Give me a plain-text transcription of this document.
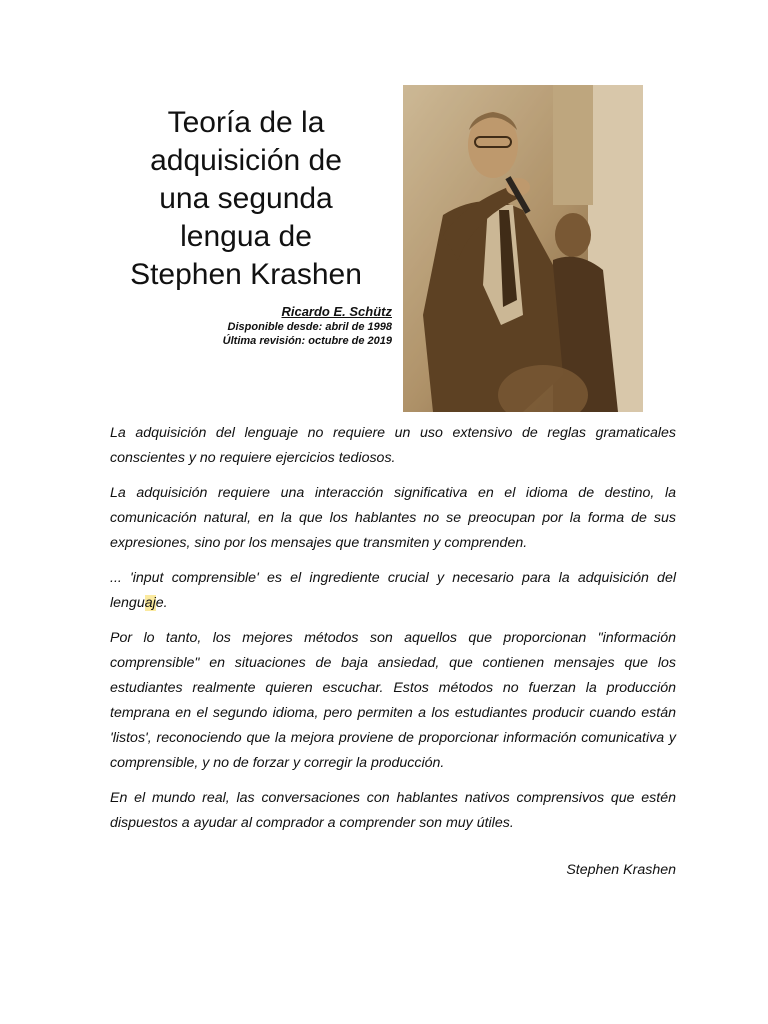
Teoría de la
adquisición de
una segunda
lengua de
Stephen Krashen
Ricardo E. Schütz
Disponible desde: abril de 1998
Última revisión: octubre de 2019

La adquisición del lenguaje no requiere un uso extensivo de reglas gramaticales conscientes y no requiere ejercicios tediosos.

La adquisición requiere una interacción significativa en el idioma de destino, la comunicación natural, en la que los hablantes no se preocupan por la forma de sus expresiones, sino por los mensajes que transmiten y comprenden.

... 'input comprensible' es el ingrediente crucial y necesario para la adquisición del lenguaje.

Por lo tanto, los mejores métodos son aquellos que proporcionan "información comprensible" en situaciones de baja ansiedad, que contienen mensajes que los estudiantes realmente quieren escuchar. Estos métodos no fuerzan la producción temprana en el segundo idioma, pero permiten a los estudiantes producir cuando están 'listos', reconociendo que la mejora proviene de proporcionar información comunicativa y comprensible, y no de forzar y corregir la producción.

En el mundo real, las conversaciones con hablantes nativos comprensivos que estén dispuestos a ayudar al comprador a comprender son muy útiles.

Stephen Krashen
